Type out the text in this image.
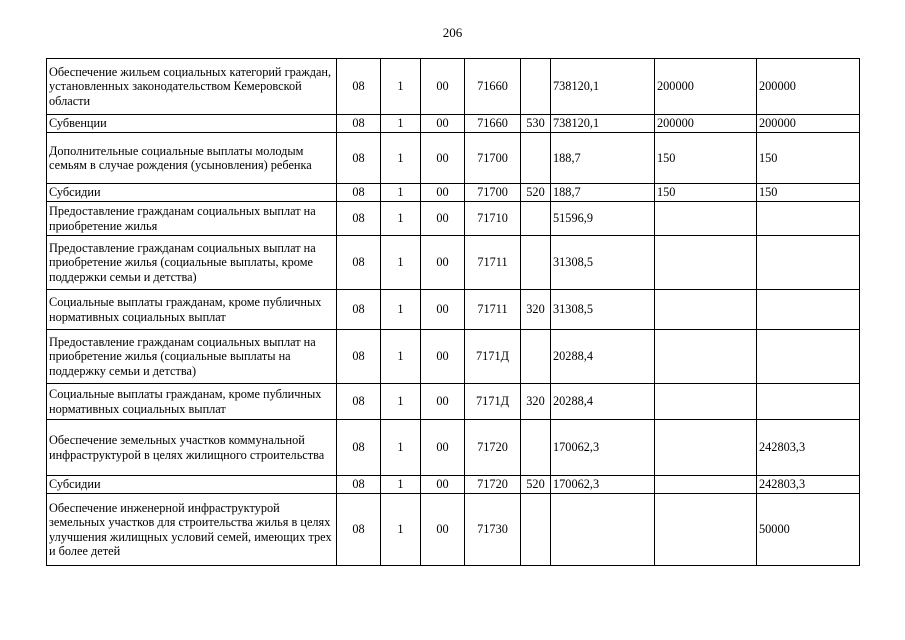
206
Обеспечение жильем социальных категорий граждан, установленных законодательством Кемеровской области	08	1	00	71660		738120,1	200000	200000
Субвенции	08	1	00	71660	530	738120,1	200000	200000
Дополнительные социальные выплаты молодым семьям в случае рождения (усыновления) ребенка	08	1	00	71700		188,7	150	150
Субсидии	08	1	00	71700	520	188,7	150	150
Предоставление гражданам социальных выплат на приобретение жилья	08	1	00	71710		51596,9		
Предоставление гражданам социальных выплат на приобретение жилья (социальные выплаты, кроме поддержки семьи и детства)	08	1	00	71711		31308,5		
Социальные выплаты гражданам, кроме публичных нормативных социальных выплат	08	1	00	71711	320	31308,5		
Предоставление гражданам социальных выплат на приобретение жилья (социальные выплаты на поддержку семьи и детства)	08	1	00	7171Д		20288,4		
Социальные выплаты гражданам, кроме публичных нормативных социальных выплат	08	1	00	7171Д	320	20288,4		
Обеспечение земельных участков коммунальной инфраструктурой в целях жилищного строительства	08	1	00	71720		170062,3		242803,3
Субсидии	08	1	00	71720	520	170062,3		242803,3
Обеспечение инженерной инфраструктурой земельных участков для строительства жилья в целях улучшения жилищных условий семей, имеющих трех и более детей	08	1	00	71730				50000
